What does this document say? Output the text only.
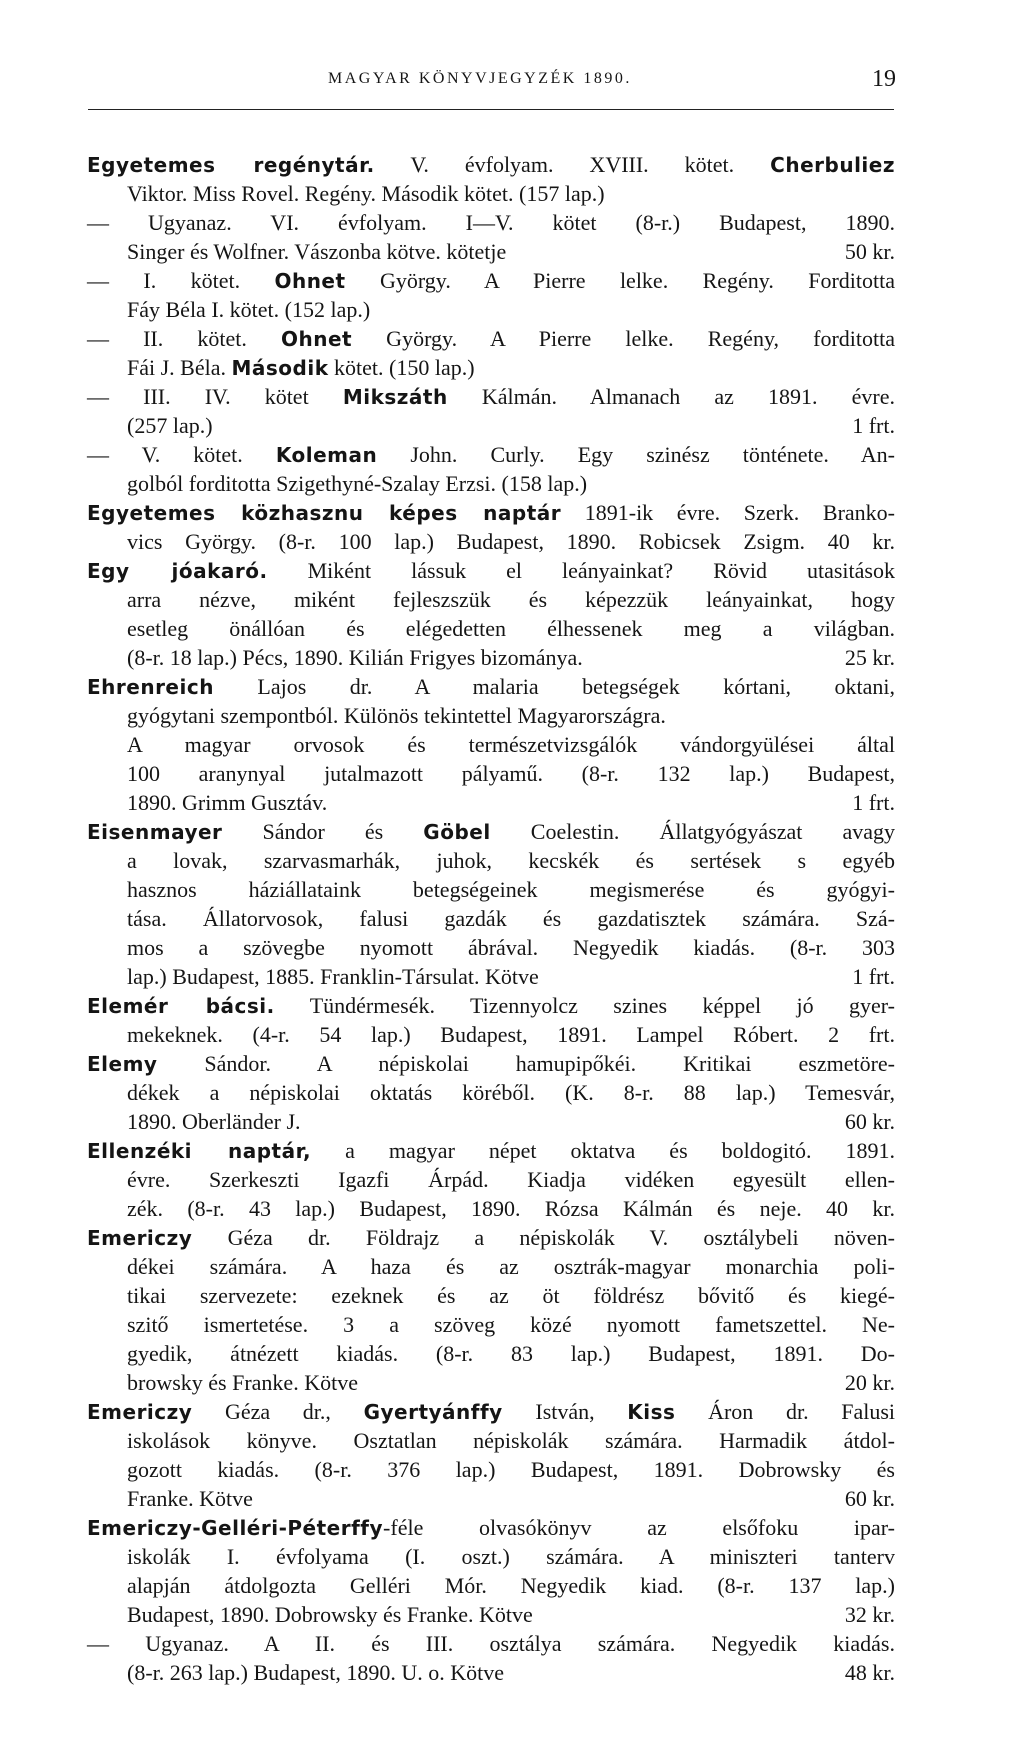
MAGYAR KÖNYVJEGYZÉK 1890.	19
Egyetemes regénytár. V. évfolyam. XVIII. kötet. Cherbuliez
Viktor. Miss Rovel. Regény. Második kötet. (157 lap.)
— Ugyanaz. VI. évfolyam. I—V. kötet (8-r.) Budapest, 1890.
Singer és Wolfner. Vászonba kötve. kötetje	50 kr.
— I. kötet. Ohnet György. A Pierre lelke. Regény. Forditotta
Fáy Béla I. kötet. (152 lap.)
— II. kötet. Ohnet György. A Pierre lelke. Regény, forditotta
Fái J. Béla. Második kötet. (150 lap.)
— III. IV. kötet Mikszáth Kálmán. Almanach az 1891. évre.
(257 lap.)	1 frt.
— V. kötet. Koleman John. Curly. Egy szinész tönténete. An-
golból forditotta Szigethyné-Szalay Erzsi. (158 lap.)
Egyetemes közhasznu képes naptár 1891-ik évre. Szerk. Branko-
vics György. (8-r. 100 lap.) Budapest, 1890. Robicsek Zsigm. 40 kr.
Egy jóakaró. Miként lássuk el leányainkat? Rövid utasitások
arra nézve, miként fejleszszük és képezzük leányainkat, hogy
esetleg önállóan és elégedetten élhessenek meg a világban.
(8-r. 18 lap.) Pécs, 1890. Kilián Frigyes bizománya.	25 kr.
Ehrenreich Lajos dr. A malaria betegségek kórtani, oktani,
gyógytani szempontból. Különös tekintettel Magyarországra.
A magyar orvosok és természetvizsgálók vándorgyülései által
100 aranynyal jutalmazott pályamű. (8-r. 132 lap.) Budapest,
1890. Grimm Gusztáv.	1 frt.
Eisenmayer Sándor és Göbel Coelestin. Állatgyógyászat avagy
a lovak, szarvasmarhák, juhok, kecskék és sertések s egyéb
hasznos háziállataink betegségeinek megismerése és gyógyi-
tása. Állatorvosok, falusi gazdák és gazdatisztek számára. Szá-
mos a szövegbe nyomott ábrával. Negyedik kiadás. (8-r. 303
lap.) Budapest, 1885. Franklin-Társulat. Kötve	1 frt.
Elemér bácsi. Tündérmesék. Tizennyolcz szines képpel jó gyer-
mekeknek. (4-r. 54 lap.) Budapest, 1891. Lampel Róbert. 2 frt.
Elemy Sándor. A népiskolai hamupipőkéi. Kritikai eszmetöre-
dékek a népiskolai oktatás köréből. (K. 8-r. 88 lap.) Temesvár,
1890. Oberländer J.	60 kr.
Ellenzéki naptár, a magyar népet oktatva és boldogitó. 1891.
évre. Szerkeszti Igazfi Árpád. Kiadja vidéken egyesült ellen-
zék. (8-r. 43 lap.) Budapest, 1890. Rózsa Kálmán és neje. 40 kr.
Emericzy Géza dr. Földrajz a népiskolák V. osztálybeli növen-
dékei számára. A haza és az osztrák-magyar monarchia poli-
tikai szervezete: ezeknek és az öt földrész bővitő és kiegé-
szitő ismertetése. 3 a szöveg közé nyomott fametszettel. Ne-
gyedik, átnézett kiadás. (8-r. 83 lap.) Budapest, 1891. Do-
browsky és Franke. Kötve	20 kr.
Emericzy Géza dr., Gyertyánffy István, Kiss Áron dr. Falusi
iskolások könyve. Osztatlan népiskolák számára. Harmadik átdol-
gozott kiadás. (8-r. 376 lap.) Budapest, 1891. Dobrowsky és
Franke. Kötve	60 kr.
Emericzy-Gelléri-Péterffy-féle olvasókönyv az elsőfoku ipar-
iskolák I. évfolyama (I. oszt.) számára. A miniszteri tanterv
alapján átdolgozta Gelléri Mór. Negyedik kiad. (8-r. 137 lap.)
Budapest, 1890. Dobrowsky és Franke. Kötve	32 kr.
— Ugyanaz. A II. és III. osztálya számára. Negyedik kiadás.
(8-r. 263 lap.) Budapest, 1890. U. o. Kötve	48 kr.
